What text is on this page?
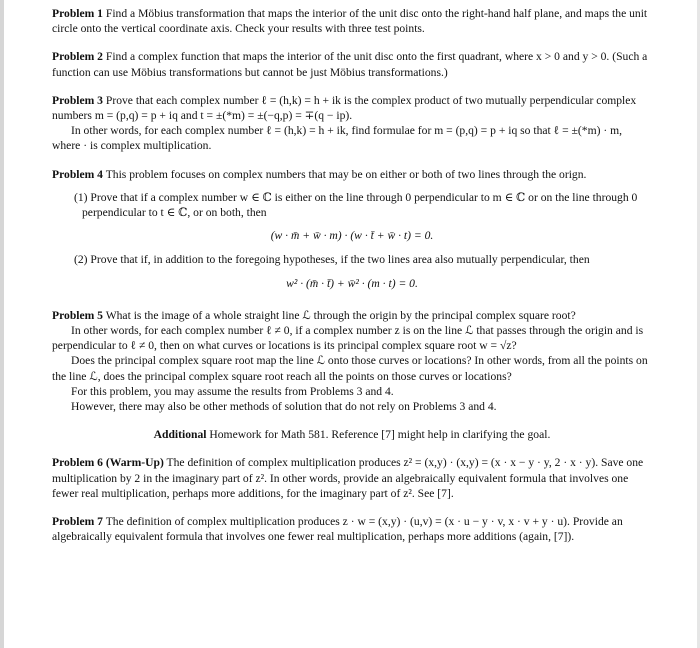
Problem 1 Find a Möbius transformation that maps the interior of the unit disc onto the right-hand half plane, and maps the unit circle onto the vertical coordinate axis. Check your results with three test points.

Problem 2 Find a complex function that maps the interior of the unit disc onto the first quadrant, where x > 0 and y > 0. (Such a function can use Möbius transformations but cannot be just Möbius transformations.)

Problem 3 Prove that each complex number ℓ = (h,k) = h + ik is the complex product of two mutually perpendicular complex numbers m = (p,q) = p + iq and t = ±(*m) = ±(−q,p) = ∓(q − ip).

In other words, for each complex number ℓ = (h,k) = h + ik, find formulae for m = (p,q) = p + iq so that ℓ = ±(*m) · m, where · is complex multiplication.

Problem 4 This problem focuses on complex numbers that may be on either or both of two lines through the orign.

(1) Prove that if a complex number w ∈ ℂ is either on the line through 0 perpendicular to m ∈ ℂ or on the line through 0 perpendicular to t ∈ ℂ, or on both, then

(w · m̄ + w̄ · m) · (w · t̄ + w̄ · t) = 0.

(2) Prove that if, in addition to the foregoing hypotheses, if the two lines area also mutually perpendicular, then

w² · (m̄ · t̄) + w̄² · (m · t) = 0.

Problem 5 What is the image of a whole straight line ℒ through the origin by the principal complex square root?

In other words, for each complex number ℓ ≠ 0, if a complex number z is on the line ℒ that passes through the origin and is perpendicular to ℓ ≠ 0, then on what curves or locations is its principal complex square root w = √z?

Does the principal complex square root map the line ℒ onto those curves or locations? In other words, from all the points on the line ℒ, does the principal complex square root reach all the points on those curves or locations?

For this problem, you may assume the results from Problems 3 and 4.

However, there may also be other methods of solution that do not rely on Problems 3 and 4.

Additional Homework for Math 581. Reference [7] might help in clarifying the goal.

Problem 6 (Warm-Up) The definition of complex multiplication produces z² = (x,y) · (x,y) = (x · x − y · y, 2 · x · y). Save one multiplication by 2 in the imaginary part of z². In other words, provide an algebraically equivalent formula that involves one fewer real multiplication, perhaps more additions, for the imaginary part of z². See [7].

Problem 7 The definition of complex multiplication produces z · w = (x,y) · (u,v) = (x · u − y · v, x · v + y · u). Provide an algebraically equivalent formula that involves one fewer real multiplication, perhaps more additions (again, [7]).
